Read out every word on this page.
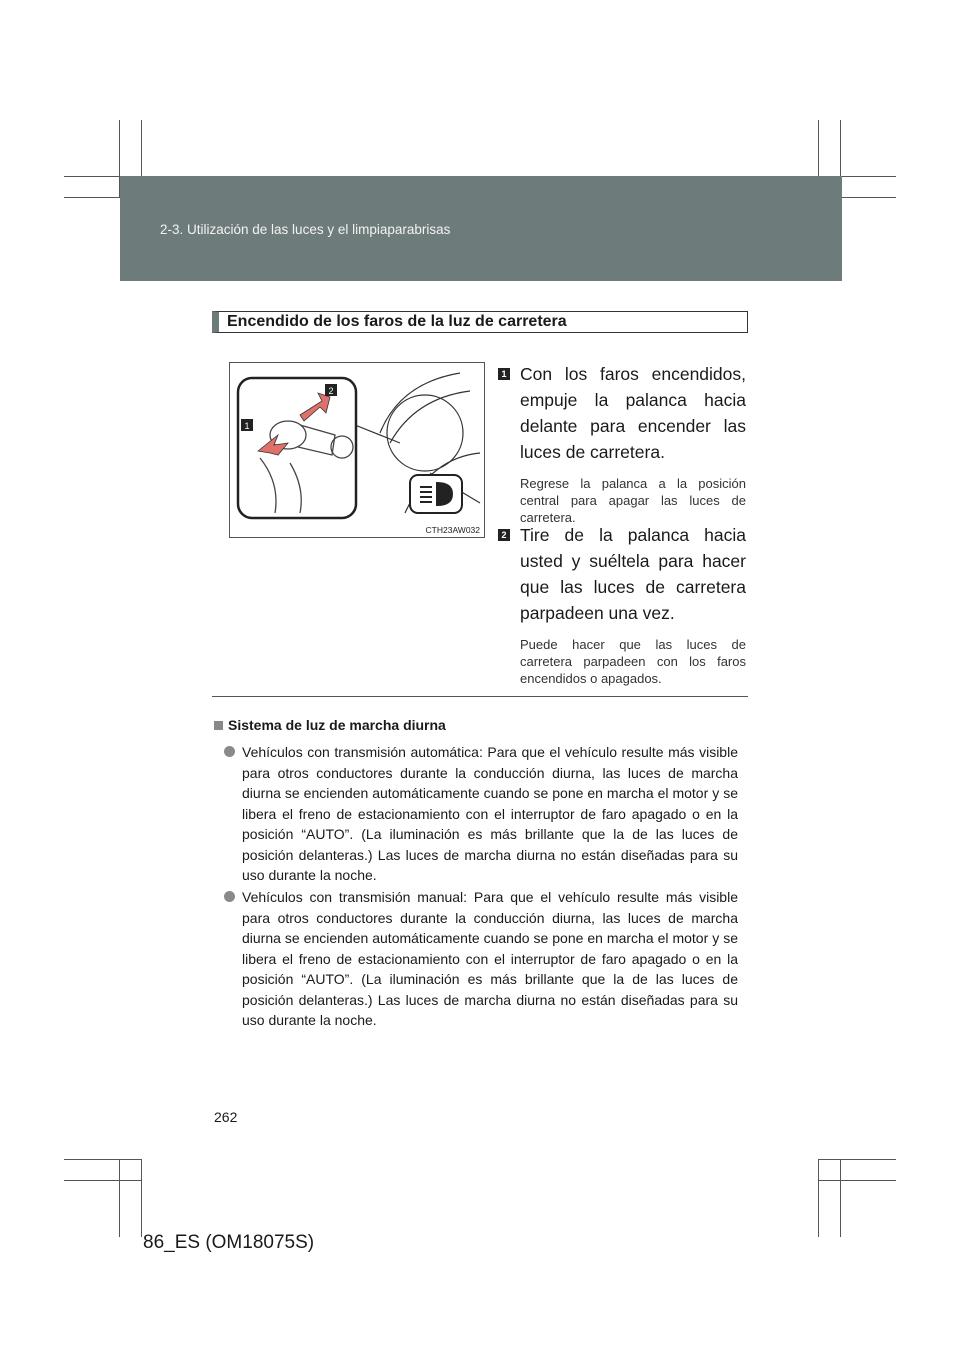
2-3. Utilización de las luces y el limpiaparabrisas
Encendido de los faros de la luz de carretera
1
2
CTH23AW032
1 Con los faros encendidos, empuje la palanca hacia delante para encender las luces de carretera.
Regrese la palanca a la posición central para apagar las luces de carretera.
2 Tire de la palanca hacia usted y suéltela para hacer que las luces de carretera parpadeen una vez.
Puede hacer que las luces de carretera parpadeen con los faros encendidos o apagados.
Sistema de luz de marcha diurna
Vehículos con transmisión automática: Para que el vehículo resulte más visible para otros conductores durante la conducción diurna, las luces de marcha diurna se encienden automáticamente cuando se pone en marcha el motor y se libera el freno de estacionamiento con el interruptor de faro apagado o en la posición “AUTO”. (La iluminación es más brillante que la de las luces de posición delanteras.) Las luces de marcha diurna no están diseñadas para su uso durante la noche.
Vehículos con transmisión manual: Para que el vehículo resulte más visible para otros conductores durante la conducción diurna, las luces de marcha diurna se encienden automáticamente cuando se pone en marcha el motor y se libera el freno de estacionamiento con el interruptor de faro apagado o en la posición “AUTO”. (La iluminación es más brillante que la de las luces de posición delanteras.) Las luces de marcha diurna no están diseñadas para su uso durante la noche.
262
86_ES (OM18075S)
